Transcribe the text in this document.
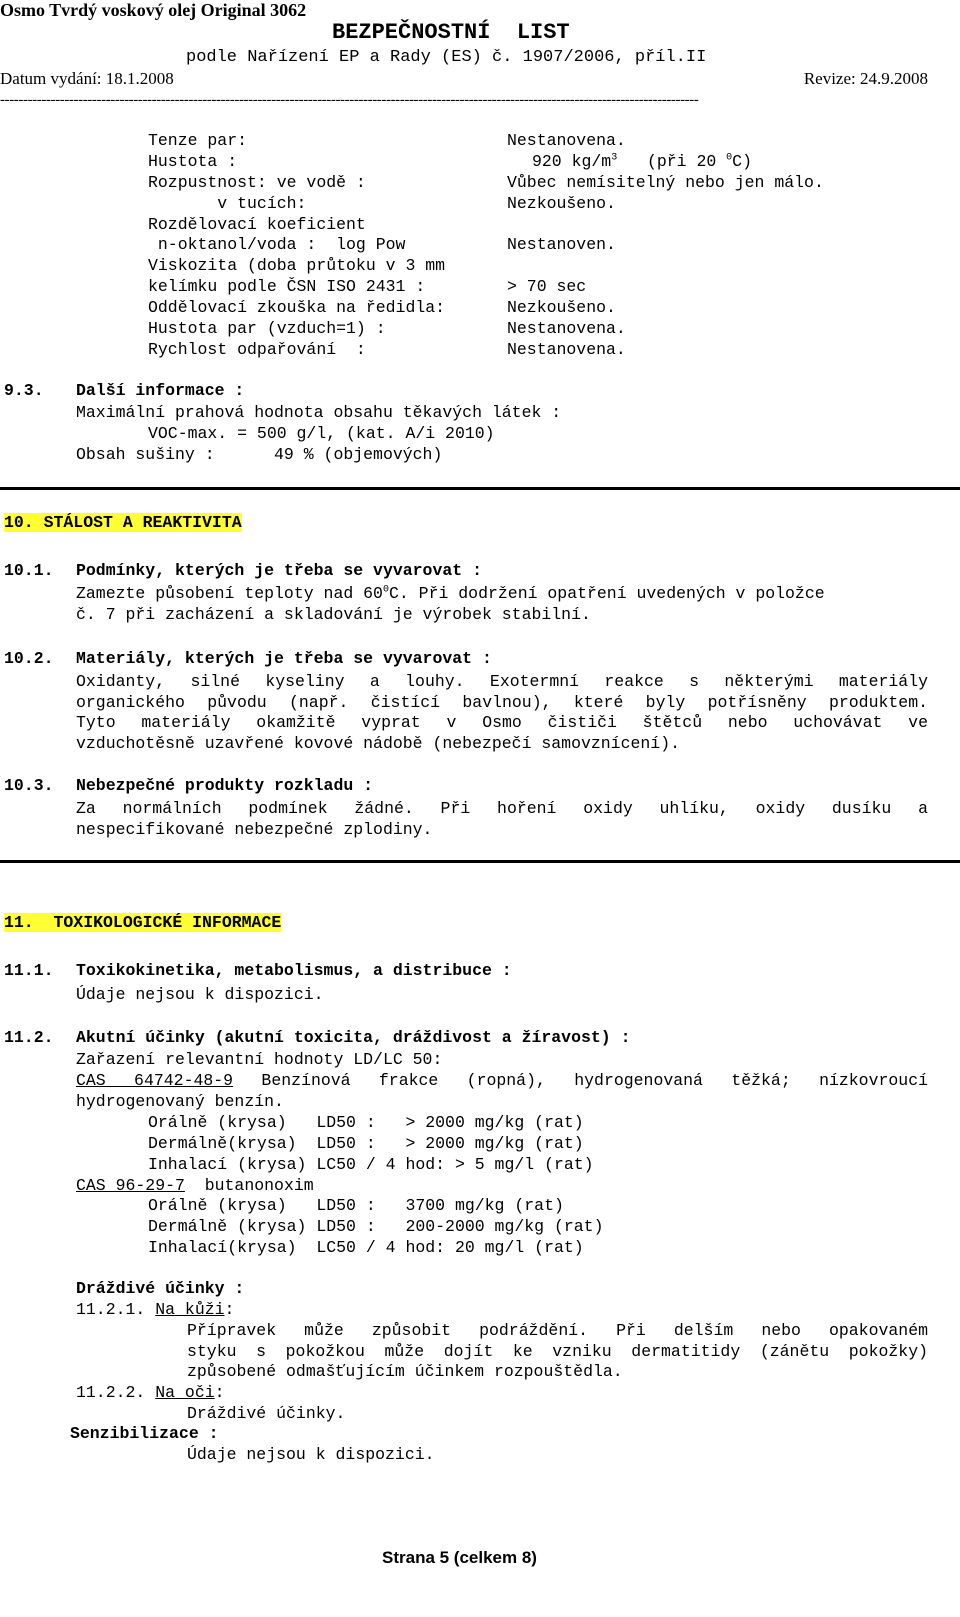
Osmo Tvrdý voskový olej Original 3062
BEZPEČNOSTNÍ  LIST
podle Nařízení EP a Rady (ES) č. 1907/2006, příl.II
Datum vydání: 18.1.2008	Revize: 24.9.2008
--------------------------------------------------------------------------------------------------------------------------------------------------------
Tenze par:	Nestanovena.
Hustota :	920 $kg/m^3$   (při 20 $^0$C)
Rozpustnost: ve vodě :	Vůbec nemísitelný nebo jen málo.
v tucích:	Nezkoušeno.
Rozdělovací koeficient
n-oktanol/voda :  log Pow	Nestanoven.
Viskozita (doba průtoku v 3 mm
kelímku podle ČSN ISO 2431 :	> 70 sec
Oddělovací zkouška na ředidla:	Nezkoušeno.
Hustota par (vzduch=1) :	Nestanovena.
Rychlost odpařování  :	Nestanovena.
9.3. Další informace :
Maximální prahová hodnota obsahu těkavých látek :
VOC-max. = 500 g/l, (kat. A/i 2010)
Obsah sušiny :      49 % (objemových)
10. STÁLOST A REAKTIVITA
10.1. Podmínky, kterých je třeba se vyvarovat :
Zamezte působení teploty nad $60^0C$. Při dodržení opatření uvedených v položce
č. 7 při zacházení a skladování je výrobek stabilní.
10.2. Materiály, kterých je třeba se vyvarovat :
Oxidanty, silné kyseliny a louhy. Exotermní reakce s některými materiály
organického původu (např. čistící bavlnou), které byly potřísněny produktem.
Tyto materiály okamžitě vyprat v Osmo čističi štětců nebo uchovávat ve
vzduchotěsně uzavřené kovové nádobě (nebezpečí samovznícení).
10.3. Nebezpečné produkty rozkladu :
Za normálních podmínek žádné. Při hoření oxidy uhlíku, oxidy dusíku a
nespecifikované nebezpečné zplodiny.
11.  TOXIKOLOGICKÉ INFORMACE
11.1. Toxikokinetika, metabolismus, a distribuce :
Údaje nejsou k dispozici.
11.2. Akutní účinky (akutní toxicita, dráždivost a žíravost) :
Zařazení relevantní hodnoty LD/LC 50:
CAS 64742-48-9 Benzínová frakce (ropná), hydrogenovaná těžká; nízkovroucí
hydrogenovaný benzín.
Orálně (krysa)   LD50 :   > 2000 mg/kg (rat)
Dermálně(krysa)  LD50 :   > 2000 mg/kg (rat)
Inhalací (krysa) LC50 / 4 hod: > 5 mg/l (rat)
CAS 96-29-7  butanonoxim
Orálně (krysa)   LD50 :   3700 mg/kg (rat)
Dermálně (krysa) LD50 :   200-2000 mg/kg (rat)
Inhalací(krysa)  LC50 / 4 hod: 20 mg/l (rat)
Dráždivé účinky :
11.2.1. Na kůži:
Přípravek může způsobit podráždění. Při delším nebo opakovaném
styku s pokožkou může dojít ke vzniku dermatitidy (zánětu pokožky)
způsobené odmašťujícím účinkem rozpouštědla.
11.2.2. Na oči:
Dráždivé účinky.
Senzibilizace :
Údaje nejsou k dispozici.
Strana 5 (celkem 8)
